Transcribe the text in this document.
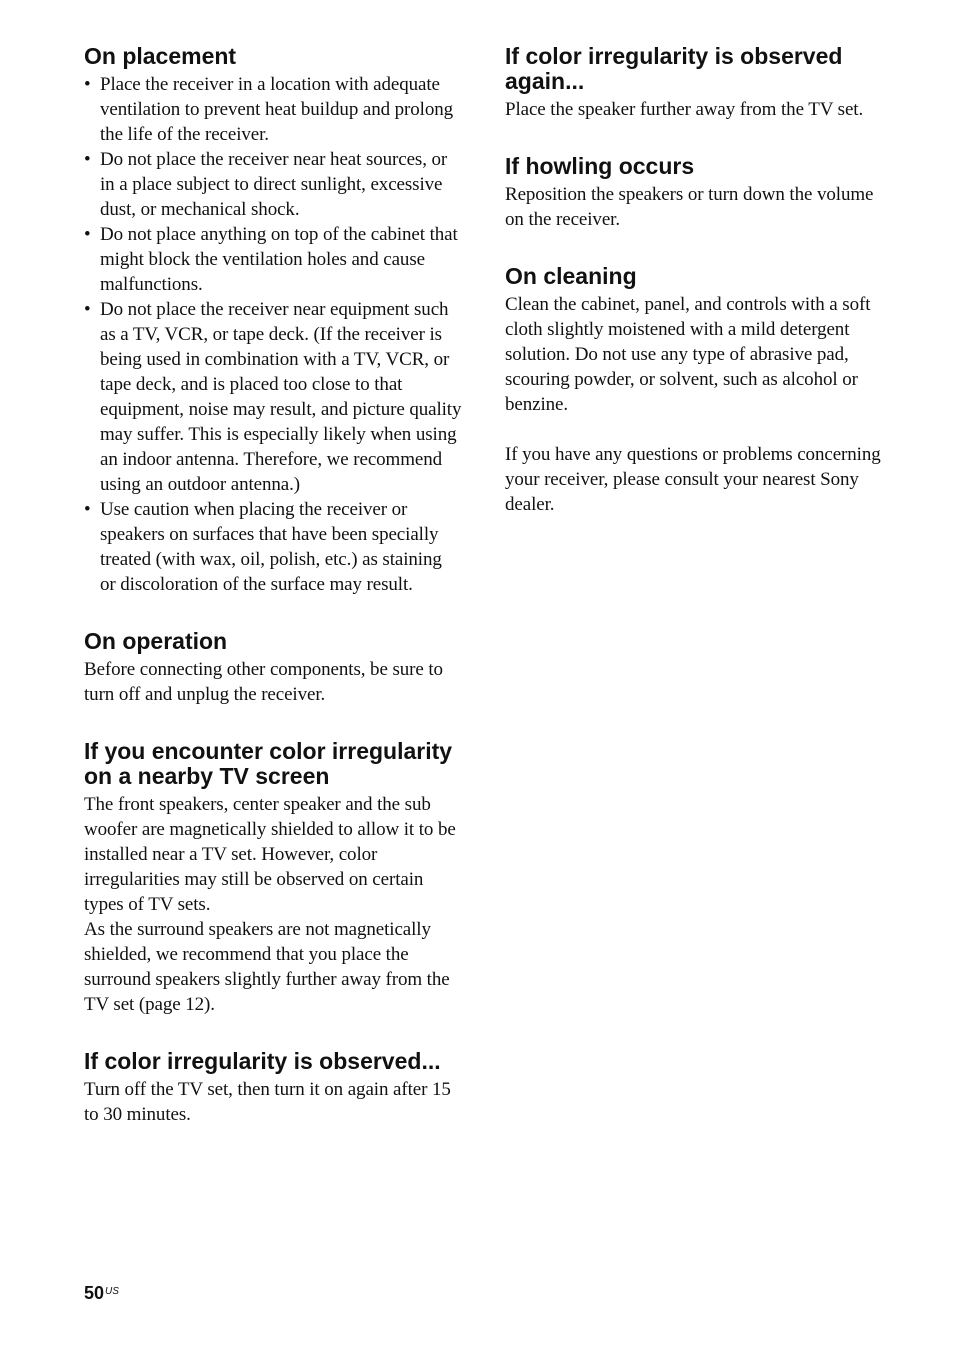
On placement
• Place the receiver in a location with adequate ventilation to prevent heat buildup and prolong the life of the receiver.
• Do not place the receiver near heat sources, or in a place subject to direct sunlight, excessive dust, or mechanical shock.
• Do not place anything on top of the cabinet that might block the ventilation holes and cause malfunctions.
• Do not place the receiver near equipment such as a TV, VCR, or tape deck. (If the receiver is being used in combination with a TV, VCR, or tape deck, and is placed too close to that equipment, noise may result, and picture quality may suffer. This is especially likely when using an indoor antenna. Therefore, we recommend using an outdoor antenna.)
• Use caution when placing the receiver or speakers on surfaces that have been specially treated (with wax, oil, polish, etc.) as staining or discoloration of the surface may result.
On operation

Before connecting other components, be sure to turn off and unplug the receiver.

If you encounter color irregularity on a nearby TV screen

The front speakers, center speaker and the sub woofer are magnetically shielded to allow it to be installed near a TV set. However, color irregularities may still be observed on certain types of TV sets.

As the surround speakers are not magnetically shielded, we recommend that you place the surround speakers slightly further away from the TV set (page 12).

If color irregularity is observed...

Turn off the TV set, then turn it on again after 15 to 30 minutes.

If color irregularity is observed again...

Place the speaker further away from the TV set.

If howling occurs

Reposition the speakers or turn down the volume on the receiver.

On cleaning

Clean the cabinet, panel, and controls with a soft cloth slightly moistened with a mild detergent solution. Do not use any type of abrasive pad, scouring powder, or solvent, such as alcohol or benzine.

If you have any questions or problems concerning your receiver, please consult your nearest Sony dealer.

$50^{US}$
